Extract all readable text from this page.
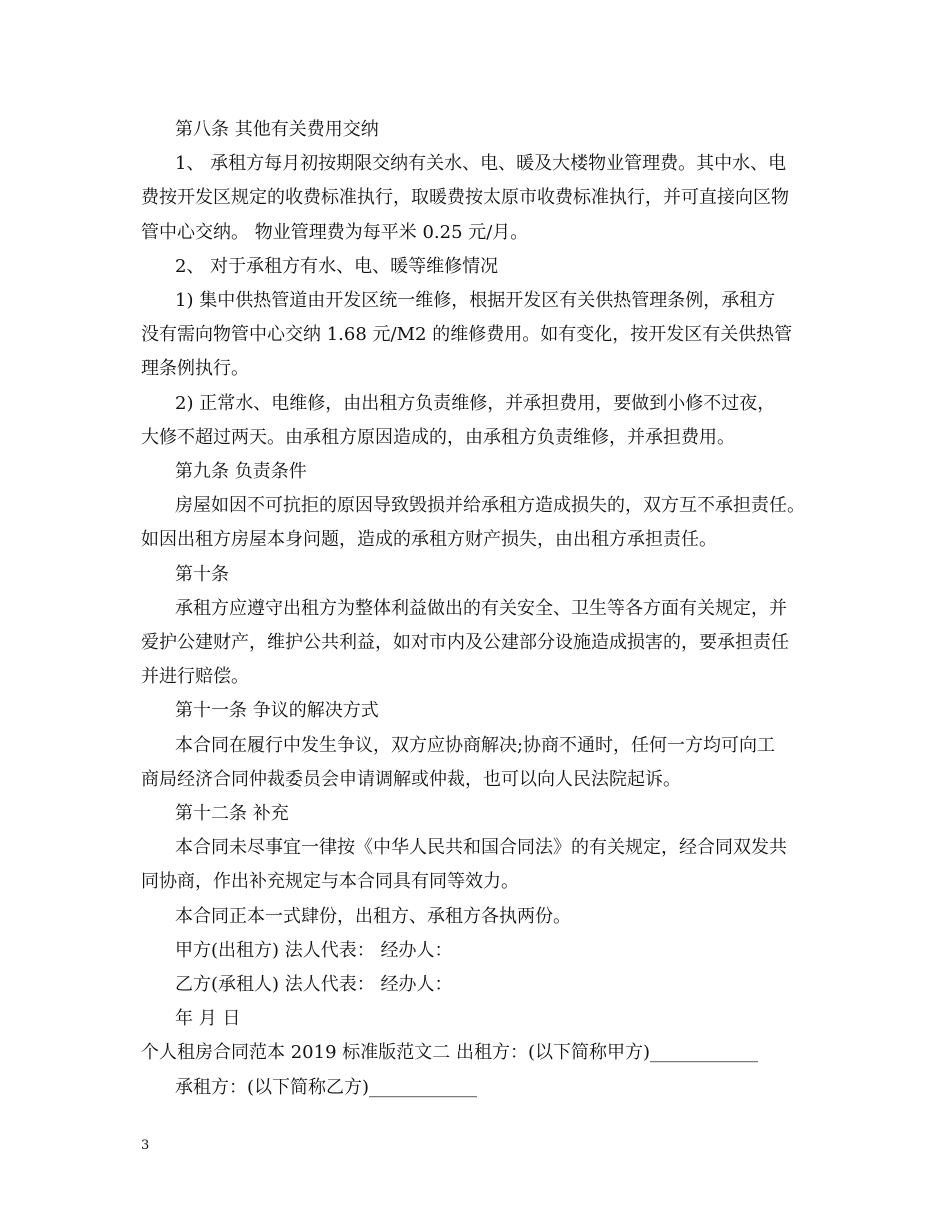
第八条 其他有关费用交纳
1、 承租方每月初按期限交纳有关水、电、暖及大楼物业管理费。其中水、电
费按开发区规定的收费标准执行，取暖费按太原市收费标准执行，并可直接向区物
管中心交纳。 物业管理费为每平米 0.25 元/月。
2、 对于承租方有水、电、暖等维修情况
1) 集中供热管道由开发区统一维修，根据开发区有关供热管理条例，承租方
没有需向物管中心交纳 1.68 元/M2 的维修费用。如有变化，按开发区有关供热管
理条例执行。
2) 正常水、电维修，由出租方负责维修，并承担费用，要做到小修不过夜，
大修不超过两天。由承租方原因造成的，由承租方负责维修，并承担费用。
第九条 负责条件
房屋如因不可抗拒的原因导致毁损并给承租方造成损失的，双方互不承担责任。
如因出租方房屋本身问题，造成的承租方财产损失，由出租方承担责任。
第十条
承租方应遵守出租方为整体利益做出的有关安全、卫生等各方面有关规定，并
爱护公建财产，维护公共利益，如对市内及公建部分设施造成损害的，要承担责任
并进行赔偿。
第十一条 争议的解决方式
本合同在履行中发生争议，双方应协商解决;协商不通时，任何一方均可向工
商局经济合同仲裁委员会申请调解或仲裁，也可以向人民法院起诉。
第十二条 补充
本合同未尽事宜一律按《中华人民共和国合同法》的有关规定，经合同双发共
同协商，作出补充规定与本合同具有同等效力。
本合同正本一式肆份，出租方、承租方各执两份。
甲方(出租方) 法人代表： 经办人：
乙方(承租人) 法人代表： 经办人：
年 月 日
个人租房合同范本 2019 标准版范文二 出租方：(以下简称甲方)____________
承租方：(以下简称乙方)____________
3
